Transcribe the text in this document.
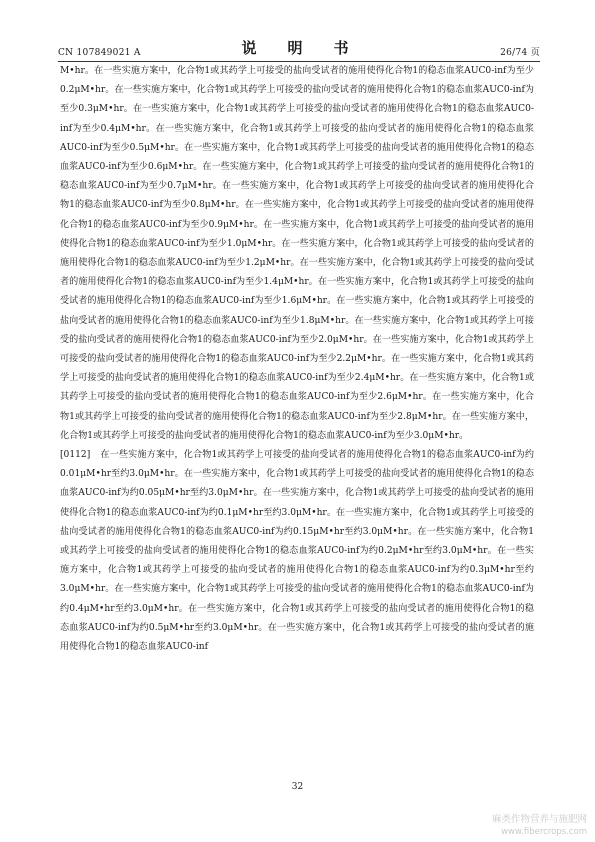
CN 107849021 A	说　明　书	26/74 页

M•hr。在一些实施方案中，化合物1或其药学上可接受的盐向受试者的施用使得化合物1的稳态血浆AUC0-inf为至少0.2μM•hr。在一些实施方案中，化合物1或其药学上可接受的盐向受试者的施用使得化合物1的稳态血浆AUC0-inf为至少0.3μM•hr。在一些实施方案中，化合物1或其药学上可接受的盐向受试者的施用使得化合物1的稳态血浆AUC0-inf为至少0.4μM•hr。在一些实施方案中，化合物1或其药学上可接受的盐向受试者的施用使得化合物1的稳态血浆AUC0-inf为至少0.5μM•hr。在一些实施方案中，化合物1或其药学上可接受的盐向受试者的施用使得化合物1的稳态血浆AUC0-inf为至少0.6μM•hr。在一些实施方案中，化合物1或其药学上可接受的盐向受试者的施用使得化合物1的稳态血浆AUC0-inf为至少0.7μM•hr。在一些实施方案中，化合物1或其药学上可接受的盐向受试者的施用使得化合物1的稳态血浆AUC0-inf为至少0.8μM•hr。在一些实施方案中，化合物1或其药学上可接受的盐向受试者的施用使得化合物1的稳态血浆AUC0-inf为至少0.9μM•hr。在一些实施方案中，化合物1或其药学上可接受的盐向受试者的施用使得化合物1的稳态血浆AUC0-inf为至少1.0μM•hr。在一些实施方案中，化合物1或其药学上可接受的盐向受试者的施用使得化合物1的稳态血浆AUC0-inf为至少1.2μM•hr。在一些实施方案中，化合物1或其药学上可接受的盐向受试者的施用使得化合物1的稳态血浆AUC0-inf为至少1.4μM•hr。在一些实施方案中，化合物1或其药学上可接受的盐向受试者的施用使得化合物1的稳态血浆AUC0-inf为至少1.6μM•hr。在一些实施方案中，化合物1或其药学上可接受的盐向受试者的施用使得化合物1的稳态血浆AUC0-inf为至少1.8μM•hr。在一些实施方案中，化合物1或其药学上可接受的盐向受试者的施用使得化合物1的稳态血浆AUC0-inf为至少2.0μM•hr。在一些实施方案中，化合物1或其药学上可接受的盐向受试者的施用使得化合物1的稳态血浆AUC0-inf为至少2.2μM•hr。在一些实施方案中，化合物1或其药学上可接受的盐向受试者的施用使得化合物1的稳态血浆AUC0-inf为至少2.4μM•hr。在一些实施方案中，化合物1或其药学上可接受的盐向受试者的施用使得化合物1的稳态血浆AUC0-inf为至少2.6μM•hr。在一些实施方案中，化合物1或其药学上可接受的盐向受试者的施用使得化合物1的稳态血浆AUC0-inf为至少2.8μM•hr。在一些实施方案中，化合物1或其药学上可接受的盐向受试者的施用使得化合物1的稳态血浆AUC0-inf为至少3.0μM•hr。

[0112] 在一些实施方案中，化合物1或其药学上可接受的盐向受试者的施用使得化合物1的稳态血浆AUC0-inf为约0.01μM•hr至约3.0μM•hr。在一些实施方案中，化合物1或其药学上可接受的盐向受试者的施用使得化合物1的稳态血浆AUC0-inf为约0.05μM•hr至约3.0μM•hr。在一些实施方案中，化合物1或其药学上可接受的盐向受试者的施用使得化合物1的稳态血浆AUC0-inf为约0.1μM•hr至约3.0μM•hr。在一些实施方案中，化合物1或其药学上可接受的盐向受试者的施用使得化合物1的稳态血浆AUC0-inf为约0.15μM•hr至约3.0μM•hr。在一些实施方案中，化合物1或其药学上可接受的盐向受试者的施用使得化合物1的稳态血浆AUC0-inf为约0.2μM•hr至约3.0μM•hr。在一些实施方案中，化合物1或其药学上可接受的盐向受试者的施用使得化合物1的稳态血浆AUC0-inf为约0.3μM•hr至约3.0μM•hr。在一些实施方案中，化合物1或其药学上可接受的盐向受试者的施用使得化合物1的稳态血浆AUC0-inf为约0.4μM•hr至约3.0μM•hr。在一些实施方案中，化合物1或其药学上可接受的盐向受试者的施用使得化合物1的稳态血浆AUC0-inf为约0.5μM•hr至约3.0μM•hr。在一些实施方案中，化合物1或其药学上可接受的盐向受试者的施用使得化合物1的稳态血浆AUC0-inf

32
麻类作物营养与施肥网
www.fibercrops.com
